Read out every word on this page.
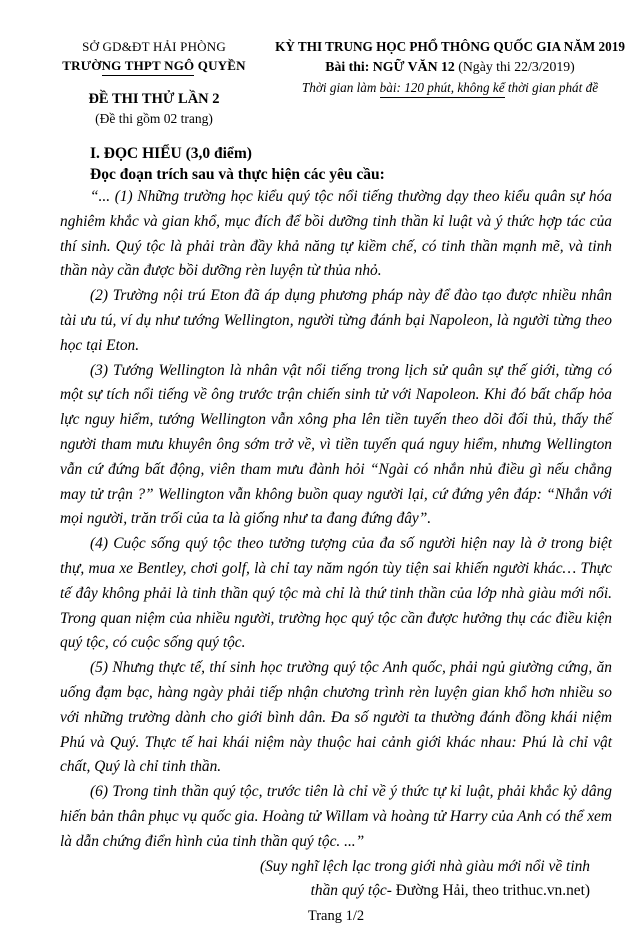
SỞ GD&ĐT HẢI PHÒNG
TRƯỜNG THPT NGÔ QUYỀN
ĐỀ THI THỬ LẦN 2
(Đề thi gồm 02 trang)
KỲ THI TRUNG HỌC PHỔ THÔNG QUỐC GIA NĂM 2019
Bài thi: NGỮ VĂN 12 (Ngày thi 22/3/2019)
Thời gian làm bài: 120 phút, không kể thời gian phát đề

I. ĐỌC HIỂU (3,0 điểm)

Đọc đoạn trích sau và thực hiện các yêu cầu:

“... (1) Những trường học kiểu quý tộc nổi tiếng thường dạy theo kiểu quân sự hóa nghiêm khắc và gian khổ, mục đích để bồi dưỡng tinh thần kỉ luật và ý thức hợp tác của thí sinh. Quý tộc là phải tràn đầy khả năng tự kiềm chế, có tinh thần mạnh mẽ, và tinh thần này cần được bồi dưỡng rèn luyện từ thủa nhỏ.

(2) Trường nội trú Eton đã áp dụng phương pháp này để đào tạo được nhiều nhân tài ưu tú, ví dụ như tướng Wellington, người từng đánh bại Napoleon, là người từng theo học tại Eton.

(3) Tướng Wellington là nhân vật nổi tiếng trong lịch sử quân sự thế giới, từng có một sự tích nổi tiếng về ông trước trận chiến sinh tử với Napoleon. Khi đó bất chấp hỏa lực nguy hiểm, tướng Wellington vẫn xông pha lên tiền tuyến theo dõi đối thủ, thấy thế người tham mưu khuyên ông sớm trở về, vì tiền tuyến quá nguy hiểm, nhưng Wellington vẫn cứ đứng bất động, viên tham mưu đành hỏi “Ngài có nhắn nhủ điều gì nếu chẳng may tử trận ?” Wellington vẫn không buồn quay người lại, cứ đứng yên đáp: “Nhắn với mọi người, trăn trối của ta là giống như ta đang đứng đây”.

(4) Cuộc sống quý tộc theo tưởng tượng của đa số người hiện nay là ở trong biệt thự, mua xe Bentley, chơi golf, là chỉ tay năm ngón tùy tiện sai khiến người khác… Thực tế đây không phải là tinh thần quý tộc mà chỉ là thứ tinh thần của lớp nhà giàu mới nổi. Trong quan niệm của nhiều người, trường học quý tộc cần được hưởng thụ các điều kiện quý tộc, có cuộc sống quý tộc.

(5) Nhưng thực tế, thí sinh học trường quý tộc Anh quốc, phải ngủ giường cứng, ăn uống đạm bạc, hàng ngày phải tiếp nhận chương trình rèn luyện gian khổ hơn nhiều so với những trường dành cho giới bình dân. Đa số người ta thường đánh đồng khái niệm Phú và Quý. Thực tế hai khái niệm này thuộc hai cảnh giới khác nhau: Phú là chỉ vật chất, Quý là chỉ tinh thần.

(6) Trong tinh thần quý tộc, trước tiên là chỉ về ý thức tự kỉ luật, phải khắc kỷ dâng hiến bản thân phục vụ quốc gia. Hoàng tử Willam và hoàng tử Harry của Anh có thể xem là dẫn chứng điển hình của tinh thần quý tộc. ...”

(Suy nghĩ lệch lạc trong giới nhà giàu mới nổi về tinh
thần quý tộc- Đường Hải, theo trithuc.vn.net)
Trang 1/2
